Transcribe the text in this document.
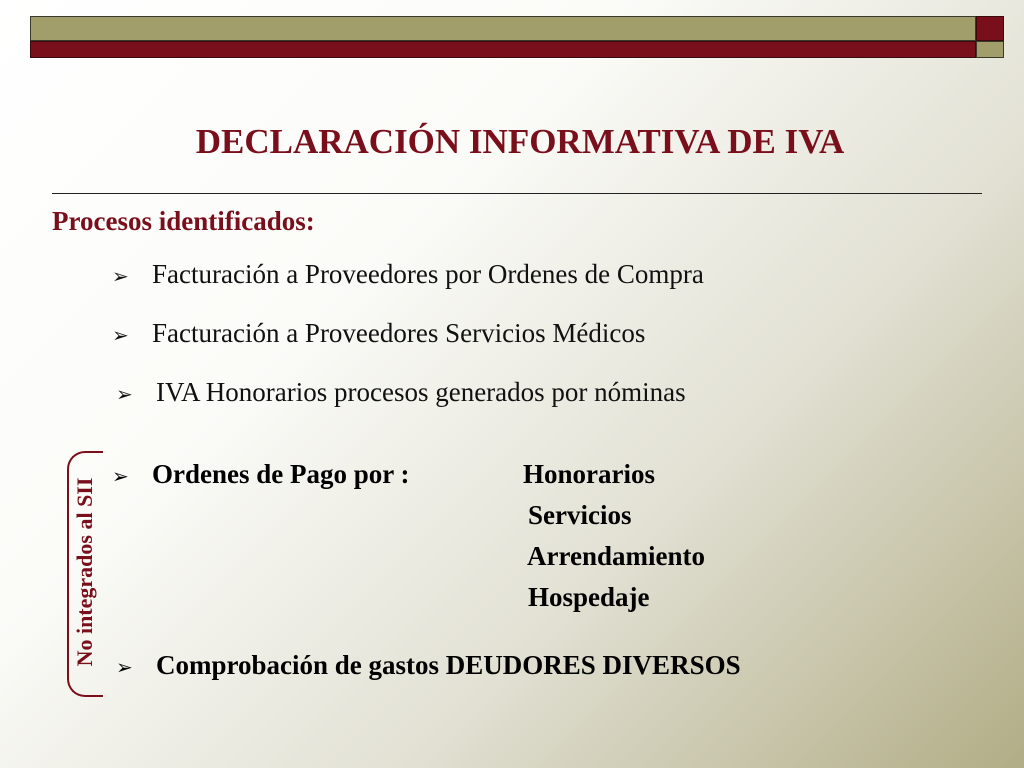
DECLARACIÓN INFORMATIVA DE IVA
Procesos identificados:
➢ Facturación a Proveedores por Ordenes de Compra
➢ Facturación a Proveedores Servicios Médicos
➢ IVA Honorarios procesos generados por nóminas
➢ Ordenes de Pago por :	Honorarios
Servicios
Arrendamiento
Hospedaje
➢ Comprobación de gastos DEUDORES DIVERSOS
No integrados al SII
